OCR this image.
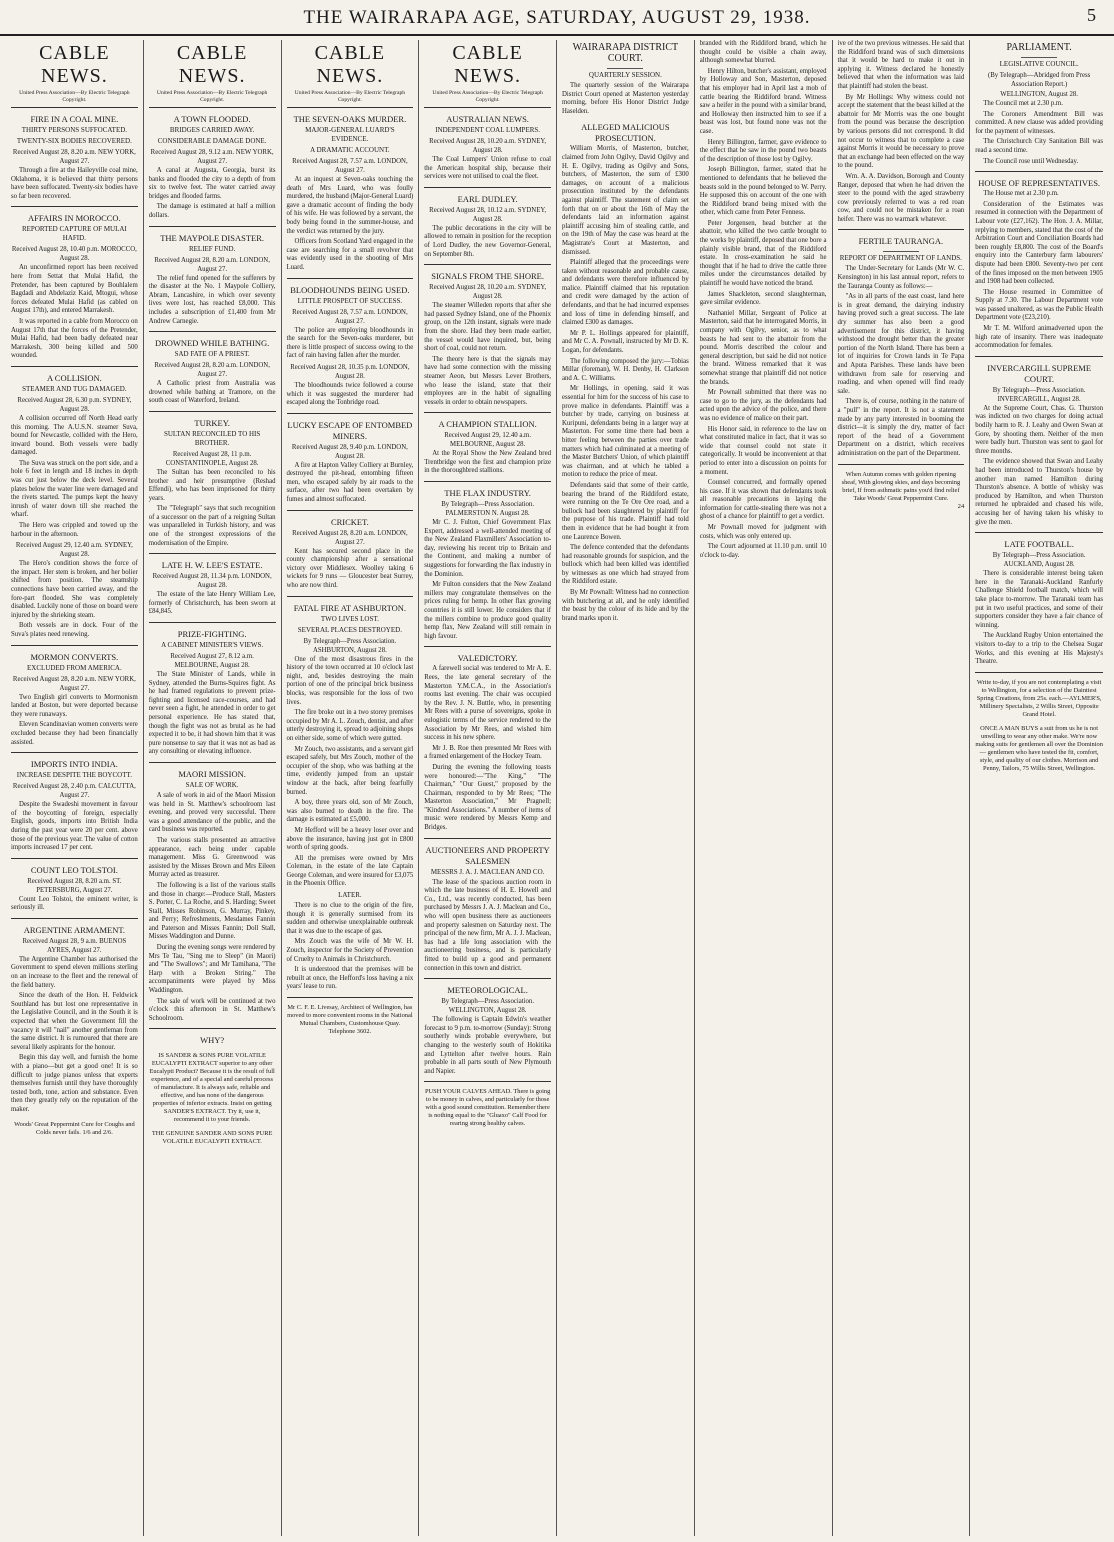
THE WAIRARAPA AGE, SATURDAY, AUGUST 29, 1938.	5
CABLE NEWS.
United Press Association—By Electric Telegraph Copyright.
FIRE IN A COAL MINE.
THIRTY PERSONS SUFFOCATED.
TWENTY-SIX BODIES RECOVERED.
Received August 28, 8.20 a.m. NEW YORK, August 27.

Through a fire at the Haileyville coal mine, Oklahoma, it is believed that thirty persons have been suffocated. Twenty-six bodies have so far been recovered.

AFFAIRS IN MOROCCO.
REPORTED CAPTURE OF MULAI HAFID.
Received August 28, 10.40 p.m. MOROCCO, August 28.

An unconfirmed report has been received here from Settat that Mulai Hafid, the Pretender, has been captured by Bouhlalem Bagdadi and Abdelaziz Kaid, Mtogui, whose forces defeated Mulai Hafid (as cabled on August 17th), and entered Marrakesh.

It was reported in a cable from Morocco on August 17th that the forces of the Pretender, Mulai Hafid, had been badly defeated near Marrakesh, 300 being killed and 500 wounded.

A COLLISION.
STEAMER AND TUG DAMAGED.
Received August 28, 6.30 p.m. SYDNEY, August 28.

A collision occurred off North Head early this morning. The A.U.S.N. steamer Suva, bound for Newcastle, collided with the Hero, inward bound. Both vessels were badly damaged.

The Suva was struck on the port side, and a hole 6 feet in length and 18 inches in depth was cut just below the deck level. Several plates below the water line were damaged and the rivets started. The pumps kept the heavy inrush of water down till she reached the wharf.

The Hero was crippled and towed up the harbour in the afternoon.

Received August 29, 12.40 a.m. SYDNEY, August 28.

The Hero's condition shows the force of the impact. Her stem is broken, and her bolier shifted from position. The steamship connections have been carried away, and the fore-part flooded. She was completely disabled. Luckily none of those on board were injured by the shrieking steam.

Both vessels are in dock. Four of the Suva's plates need renewing.

MORMON CONVERTS.
EXCLUDED FROM AMERICA.
Received August 28, 8.20 a.m. NEW YORK, August 27.

Two English girl converts to Mormonism landed at Boston, but were deported because they were runaways.

Eleven Scandinavian women converts were excluded because they had been financially assisted.

IMPORTS INTO INDIA.
INCREASE DESPITE THE BOYCOTT.
Received August 28, 2.40 p.m. CALCUTTA, August 27.

Despite the Swadeshi movement in favour of the boycotting of foreign, especially English, goods, imports into British India during the past year were 20 per cent. above those of the previous year. The value of cotton imports increased 17 per cent.

COUNT LEO TOLSTOI.
Received August 28, 8.20 a.m. ST. PETERSBURG, August 27.

Count Leo Tolstoi, the eminent writer, is seriously ill.

ARGENTINE ARMAMENT.
Received August 28, 9 a.m. BUENOS AYRES, August 27.

The Argentine Chamber has authorised the Government to spend eleven millions sterling on an increase to the fleet and the renewal of the field battery.

Since the death of the Hon. H. Feldwick Southland has but lost one representative in the Legislative Council, and in the South it is expected that when the Government fill the vacancy it will "nail" another gentleman from the same district. It is rumoured that there are several likely aspirants for the honour.

Begin this day well, and furnish the home with a piano—but get a good one! It is so difficult to judge pianos unless that experts themselves furnish until they have thoroughly tested both, tone, action and substance. Even then they greatly rely on the reputation of the maker.

Woods' Great Peppermint Cure for Coughs and Colds never fails. 1/6 and 2/6.

CABLE NEWS.
United Press Association—By Electric Telegraph Copyright.
A TOWN FLOODED.
BRIDGES CARRIED AWAY.
CONSIDERABLE DAMAGE DONE.
Received August 28, 9.12 a.m. NEW YORK, August 27.

A canal at Augusta, Georgia, burst its banks and flooded the city to a depth of from six to twelve feet. The water carried away bridges and flooded farms.

The damage is estimated at half a million dollars.

THE MAYPOLE DISASTER.
RELIEF FUND.
Received August 28, 8.20 a.m. LONDON, August 27.

The relief fund opened for the sufferers by the disaster at the No. 1 Maypole Colliery, Abram, Lancashire, in which over seventy lives were lost, has reached £8,000. This includes a subscription of £1,400 from Mr Andrew Carnegie.

DROWNED WHILE BATHING.
SAD FATE OF A PRIEST.
Received August 28, 8.20 a.m. LONDON, August 27.

A Catholic priest from Australia was drowned while bathing at Tramore, on the south coast of Waterford, Ireland.

TURKEY.
SULTAN RECONCILED TO HIS BROTHER.
Received August 28, 11 p.m. CONSTANTINOPLE, August 28.

The Sultan has been reconciled to his brother and heir presumptive (Reshad Effendi), who has been imprisoned for thirty years.

The "Telegraph" says that such recognition of a successor on the part of a reigning Sultan was unparalleled in Turkish history, and was one of the strongest expressions of the modernisation of the Empire.

LATE H. W. LEE'S ESTATE.
Received August 28, 11.34 p.m. LONDON, August 28.

The estate of the late Henry William Lee, formerly of Christchurch, has been sworn at £84,845.

PRIZE-FIGHTING.
A CABINET MINISTER'S VIEWS.
Received August 27, 8.12 a.m. MELBOURNE, August 28.

The State Minister of Lands, while in Sydney, attended the Burns-Squires fight. As he had framed regulations to prevent prize-fighting and licensed race-courses, and had never seen a fight, he attended in order to get personal experience. He has stated that, though the fight was not as brutal as he had expected it to be, it had shown him that it was pure nonsense to say that it was not as bad as any consulting or elevating influence.

MAORI MISSION.
SALE OF WORK.

A sale of work in aid of the Maori Mission was held in St. Matthew's schoolroom last evening, and proved very successful. There was a good attendance of the public, and the card business was reported.

The various stalls presented an attractive appearance, each being under capable management. Miss G. Greenwood was assisted by the Misses Brown and Mrs Eileen Murray acted as treasurer.

The following is a list of the various stalls and those in charge:—Produce Stall, Masters S. Porter, C. La Roche, and S. Harding; Sweet Stall, Misses Robinson, G. Murray, Pinkey, and Perry; Refreshments, Mesdames Fannin and Paterson and Misses Fannin; Doll Stall, Misses Waddington and Dunne.

During the evening songs were rendered by Mrs Te Tau, "Sing me to Sleep" (in Maori) and "The Swallows"; and Mr Tamihana, "The Harp with a Broken String." The accompaniments were played by Miss Waddington.

The sale of work will be continued at two o'clock this afternoon in St. Matthew's Schoolroom.

WHY?

IS SANDER & SONS PURE VOLATILE EUCALYPTI EXTRACT superior to any other Eucalypti Product? Because it is the result of full experience, and of a special and careful process of manufacture. It is always safe, reliable and effective, and has none of the dangerous properties of inferior extracts. Insist on getting SANDER'S EXTRACT. Try it, use it, recommend it to your friends.

THE GENUINE SANDER AND SONS PURE VOLATILE EUCALYPTI EXTRACT.

CABLE NEWS.
United Press Association—By Electric Telegraph Copyright.
THE SEVEN-OAKS MURDER.
MAJOR-GENERAL LUARD'S EVIDENCE.
A DRAMATIC ACCOUNT.
Received August 28, 7.57 a.m. LONDON, August 27.

At an inquest at Seven-oaks touching the death of Mrs Luard, who was foully murdered, the husband (Major-General Luard) gave a dramatic account of finding the body of his wife. He was followed by a servant, the body being found in the summer-house, and the verdict was returned by the jury.

Officers from Scotland Yard engaged in the case are searching for a small revolver that was evidently used in the shooting of Mrs Luard.

BLOODHOUNDS BEING USED.
LITTLE PROSPECT OF SUCCESS.
Received August 28, 7.57 a.m. LONDON, August 27.

The police are employing bloodhounds in the search for the Seven-oaks murderer, but there is little prospect of success owing to the fact of rain having fallen after the murder.

Received August 28, 10.35 p.m. LONDON, August 28.

The bloodhounds twice followed a course which it was suggested the murderer had escaped along the Tonbridge road.

LUCKY ESCAPE OF ENTOMBED MINERS.
Received August 28, 9.40 p.m. LONDON, August 28.

A fire at Hapton Valley Colliery at Burnley, destroyed the pit-head, entombing fifteen men, who escaped safely by air roads to the surface, after two had been overtaken by fumes and almost suffocated.

CRICKET.
Received August 28, 8.20 a.m. LONDON, August 27.

Kent has secured second place in the county championship after a sensational victory over Middlesex. Woolley taking 6 wickets for 9 runs — Gloucester beat Surrey, who are now third.

FATAL FIRE AT ASHBURTON.
TWO LIVES LOST.
SEVERAL PLACES DESTROYED.
By Telegraph—Press Association. ASHBURTON, August 28.

One of the most disastrous fires in the history of the town occurred at 10 o'clock last night, and, besides destroying the main portion of one of the principal brick business blocks, was responsible for the loss of two lives.

The fire broke out in a two storey premises occupied by Mr A. L. Zouch, dentist, and after utterly destroying it, spread to adjoining shops on either side, some of which were gutted.

Mr Zouch, two assistants, and a servant girl escaped safely, but Mrs Zouch, mother of the occupier of the shop, who was bathing at the time, evidently jumped from an upstair window at the back, after being fearfully burned.

A boy, three years old, son of Mr Zouch, was also burned to death in the fire. The damage is estimated at £5,000.

Mr Hefford will be a heavy loser over and above the insurance, having just got in £800 worth of spring goods.

All the premises were owned by Mrs Coleman, in the estate of the late Captain George Coleman, and were insured for £3,075 in the Phoenix Office.

LATER.

There is no clue to the origin of the fire, though it is generally surmised from its sudden and otherwise unexplainable outbreak that it was due to the escape of gas.

Mrs Zouch was the wife of Mr W. H. Zouch, inspector for the Society of Prevention of Cruelty to Animals in Christchurch.

It is understood that the premises will be rebuilt at once, the Hefford's loss having a nix years' lease to run.

Mr C. F. E. Livesay, Architect of Wellington, has moved to more convenient rooms in the National Mutual Chambers, Customhouse Quay. Telephone 3602.

CABLE NEWS.
United Press Association—By Electric Telegraph Copyright.
AUSTRALIAN NEWS.
INDEPENDENT COAL LUMPERS.
Received August 28, 10.20 a.m. SYDNEY, August 28.

The Coal Lumpers' Union refuse to coal the American hospital ship, because their services were not utilised to coal the fleet.

EARL DUDLEY.
Received August 28, 10.12 a.m. SYDNEY, August 28.

The public decorations in the city will be allowed to remain in position for the reception of Lord Dudley, the new Governor-General, on September 8th.

SIGNALS FROM THE SHORE.
Received August 28, 10.20 a.m. SYDNEY, August 28.

The steamer Willeden reports that after she had passed Sydney Island, one of the Phoenix group, on the 12th instant, signals were made from the shore. Had they been made earlier, the vessel would have inquired, but, being short of coal, could not return.

The theory here is that the signals may have had some connection with the missing steamer Aeon, but Messrs Lever Brothers, who lease the island, state that their employees are in the habit of signalling vessels in order to obtain newspapers.

A CHAMPION STALLION.
Received August 29, 12.40 a.m. MELBOURNE, August 28.

At the Royal Show the New Zealand bred Trentbridge won the first and champion prize in the thoroughbred stallions.

THE FLAX INDUSTRY.
By Telegraph—Press Association. PALMERSTON N. August 28.

Mr C. J. Fulton, Chief Government Flax Expert, addressed a well-attended meeting of the New Zealand Flaxmillers' Association to-day, reviewing his recent trip to Britain and the Continent, and making a number of suggestions for forwarding the flax industry in the Dominion.

Mr Fulton considers that the New Zealand millers may congratulate themselves on the prices ruling for hemp. In other flax growing countries it is still lower. He considers that if the millers combine to produce good quality hemp flax, New Zealand will still remain in high favour.

VALEDICTORY.

A farewell social was tendered to Mr A. E. Rees, the late general secretary of the Masterton Y.M.C.A., in the Association's rooms last evening. The chair was occupied by the Rev. J. N. Buttle, who, in presenting Mr Rees with a purse of sovereigns, spoke in eulogistic terms of the service rendered to the Association by Mr Rees, and wished him success in his new sphere.

Mr J. B. Roe then presented Mr Rees with a framed enlargement of the Hockey Team.

During the evening the following toasts were honoured:—"The King," "The Chairman," "Our Guest," proposed by the Chairman, responded to by Mr Rees; "The Masterton Association," Mr Pragnell; "Kindred Associations." A number of items of music were rendered by Messrs Kemp and Bridges.

AUCTIONEERS AND PROPERTY SALESMEN
MESSRS J. A. J. MACLEAN AND CO.

The lease of the spacious auction room in which the late business of H. E. Howell and Co., Ltd., was recently conducted, has been purchased by Messrs J. A. J. Maclean and Co., who will open business there as auctioneers and property salesmen on Saturday next. The principal of the new firm, Mr A. J. J. Maclean, has had a life long association with the auctioneering business, and is particularly fitted to build up a good and permanent connection in this town and district.

METEOROLOGICAL.
By Telegraph—Press Association. WELLINGTON, August 28.

The following is Captain Edwin's weather forecast to 9 p.m. to-morrow (Sunday): Strong southerly winds probable everywhere, but changing to the westerly south of Hokitika and Lyttelton after twelve hours. Rain probable in all parts south of New Plymouth and Napier.

PUSH YOUR CALVES AHEAD. There is going to be money in calves, and particularly for those with a good sound constitution. Remember there is nothing equal to the "Gluaxo" Calf Food for rearing strong healthy calves.

WAIRARAPA DISTRICT COURT.
QUARTERLY SESSION.

The quarterly session of the Wairarapa District Court opened at Masterton yesterday morning, before His Honor District Judge Haselden.

ALLEGED MALICIOUS PROSECUTION.

William Morris, of Masterton, butcher, claimed from John Ogilvy, David Ogilvy and H. E. Ogilvy, trading as Ogilvy and Sons, butchers, of Masterton, the sum of £300 damages, on account of a malicious prosecution instituted by the defendants against plaintiff. The statement of claim set forth that on or about the 16th of May the defendants laid an information against plaintiff accusing him of stealing cattle, and on the 19th of May the case was heard at the Magistrate's Court at Masterton, and dismissed.

Plaintiff alleged that the proceedings were taken without reasonable and probable cause, and defendants were therefore influenced by malice. Plaintiff claimed that his reputation and credit were damaged by the action of defendants, and that he had incurred expenses and loss of time in defending himself, and claimed £300 as damages.

Mr P. L. Hollings appeared for plaintiff, and Mr C. A. Pownall, instructed by Mr D. K. Logan, for defendants.

The following composed the jury:—Tobias Millar (foreman), W. H. Denby, H. Clarkson and A. C. Williams.

Mr Hollings, in opening, said it was essential for him for the success of his case to prove malice in defendants. Plaintiff was a butcher by trade, carrying on business at Kuripuni, defendants being in a larger way at Masterton. For some time there had been a bitter feeling between the parties over trade matters which had culminated at a meeting of the Master Butchers' Union, of which plaintiff was chairman, and at which he tabled a motion to reduce the price of meat.

Defendants said that some of their cattle, bearing the brand of the Riddiford estate, were running on the Te Ore Ore road, and a bullock had been slaughtered by plaintiff for the purpose of his trade. Plaintiff had told them in evidence that he had bought it from one Laurence Bowen.

The defence contended that the defendants had reasonable grounds for suspicion, and the bullock which had been killed was identified by witnesses as one which had strayed from the Riddiford estate.

By Mr Pownall: Witness had no connection with butchering at all, and he only identified the beast by the colour of its hide and by the brand marks upon it.

branded with the Riddiford brand, which he thought could be visible a chain away, although somewhat blurred.

Henry Hilton, butcher's assistant, employed by Holloway and Son, Masterton, deposed that his employer had in April last a mob of cattle bearing the Riddiford brand. Witness saw a heifer in the pound with a similar brand, and Holloway then instructed him to see if a beast was lost, but found none was not the case.

Henry Billington, farmer, gave evidence to the effect that he saw in the pound two beasts of the description of those lost by Ogilvy.

Joseph Billington, farmer, stated that he mentioned to defendants that he believed the beasts sold in the pound belonged to W. Perry. He supposed this on account of the one with the Riddiford brand being mixed with the other, which came from Peter Fenness.

Peter Jorgensen, head butcher at the abattoir, who killed the two cattle brought to the works by plaintiff, deposed that one bore a plainly visible brand, that of the Riddiford estate. In cross-examination he said he thought that if he had to drive the cattle three miles under the circumstances detailed by plaintiff he would have noticed the brand.

James Shackleton, second slaughterman, gave similar evidence.

Nathaniel Millar, Sergeant of Police at Masterton, said that he interrogated Morris, in company with Ogilvy, senior, as to what beasts he had sent to the abattoir from the pound. Morris described the colour and general description, but said he did not notice the brand. Witness remarked that it was somewhat strange that plaintiff did not notice the brands.

Mr Pownall submitted that there was no case to go to the jury, as the defendants had acted upon the advice of the police, and there was no evidence of malice on their part.

His Honor said, in reference to the law on what constituted malice in fact, that it was so wide that counsel could not state it categorically. It would be inconvenient at that period to enter into a discussion on points for a moment.

Counsel concurred, and formally opened his case. If it was shown that defendants took all reasonable precautions in laying the information for cattle-stealing there was not a ghost of a chance for plaintiff to get a verdict.

Mr Pownall moved for judgment with costs, which was only entered up.

The Court adjourned at 11.10 p.m. until 10 o'clock to-day.

ive of the two previous witnesses. He said that the Riddiford brand was of such dimensions that it would be hard to make it out in applying it. Witness declared he honestly believed that when the information was laid that plaintiff had stolen the beast.

By Mr Hollings: Why witness could not accept the statement that the beast killed at the abattoir for Mr Morris was the one bought from the pound was because the description by various persons did not correspond. It did not occur to witness that to complete a case against Morris it would be necessary to prove that an exchange had been effected on the way to the pound.

Wm. A. A. Davidson, Borough and County Ranger, deposed that when he had driven the steer to the pound with the aged strawberry cow previously referred to was a red roan cow, and could not be mistaken for a roan heifer. There was no warmark whatever.

FERTILE TAURANGA.
REPORT OF DEPARTMENT OF LANDS.

The Under-Secretary for Lands (Mr W. C. Kensington) in his last annual report, refers to the Tauranga County as follows:—

"As in all parts of the east coast, land here is in great demand, the dairying industry having proved such a great success. The late dry summer has also been a good advertisement for this district, it having withstood the drought better than the greater portion of the North Island. There has been a lot of inquiries for Crown lands in Te Papa and Aputa Parishes. These lands have been withdrawn from sale for reserving and roading, and when opened will find ready sale.

There is, of course, nothing in the nature of a "pull" in the report. It is not a statement made by any party interested in booming the district—it is simply the dry, matter of fact report of the head of a Government Department on a district, which receives administration on the part of the Department.

When Autumn comes with golden ripening sheaf, With glowing skies, and days becoming brief, If from asthmatic pains you'd find relief Take Woods' Great Peppermint Cure.

24
PARLIAMENT.
LEGISLATIVE COUNCIL.
(By Telegraph—Abridged from Press Association Report.)
WELLINGTON, August 28.

The Council met at 2.30 p.m.

The Coroners Amendment Bill was committed. A new clause was added providing for the payment of witnesses.

The Christchurch City Sanitation Bill was read a second time.

The Council rose until Wednesday.

HOUSE OF REPRESENTATIVES.

The House met at 2.30 p.m.

Consideration of the Estimates was resumed in connection with the Department of Labour vote (£27,162). The Hon. J. A. Millar, replying to members, stated that the cost of the Arbitration Court and Conciliation Boards had been roughly £8,800. The cost of the Board's enquiry into the Canterbury farm labourers' dispute had been £800. Seventy-two per cent of the fines imposed on the men between 1905 and 1908 had been collected.

The House resumed in Committee of Supply at 7.30. The Labour Department vote was passed unaltered, as was the Public Health Department vote (£23,210).

Mr T. M. Wilford animadverted upon the high rate of insanity. There was inadequate accommodation for females.

INVERCARGILL SUPREME COURT.
By Telegraph—Press Association. INVERCARGILL, August 28.

At the Supreme Court, Chas. G. Thurston was indicted on two charges for doing actual bodily harm to R. J. Leahy and Owen Swan at Gore, by shooting them. Neither of the men were badly hurt. Thurston was sent to gaol for three months.

The evidence showed that Swan and Leahy had been introduced to Thurston's house by another man named Hamilton during Thurston's absence. A bottle of whisky was produced by Hamilton, and when Thurston returned he upbraided and chased his wife, accusing her of having taken his whisky to give the men.

LATE FOOTBALL.
By Telegraph—Press Association. AUCKLAND, August 28.

There is considerable interest being taken here in the Taranaki-Auckland Ranfurly Challenge Shield football match, which will take place to-morrow. The Taranaki team has put in two useful practices, and some of their supporters consider they have a fair chance of winning.

The Auckland Rugby Union entertained the visitors to-day to a trip to the Chelsea Sugar Works, and this evening at His Majesty's Theatre.

Write to-day, if you are not contemplating a visit to Wellington, for a selection of the Daintiest Spring Creations, from 25s. each.—AYLMER'S, Millinery Specialists, 2 Willis Street, Opposite Grand Hotel.

ONCE A MAN BUYS a suit from us he is not unwilling to wear any other make. We're now making suits for gentlemen all over the Dominion — gentlemen who have tested the fit, comfort, style, and quality of our clothes. Morrison and Penny, Tailors, 75 Willis Street, Wellington.
